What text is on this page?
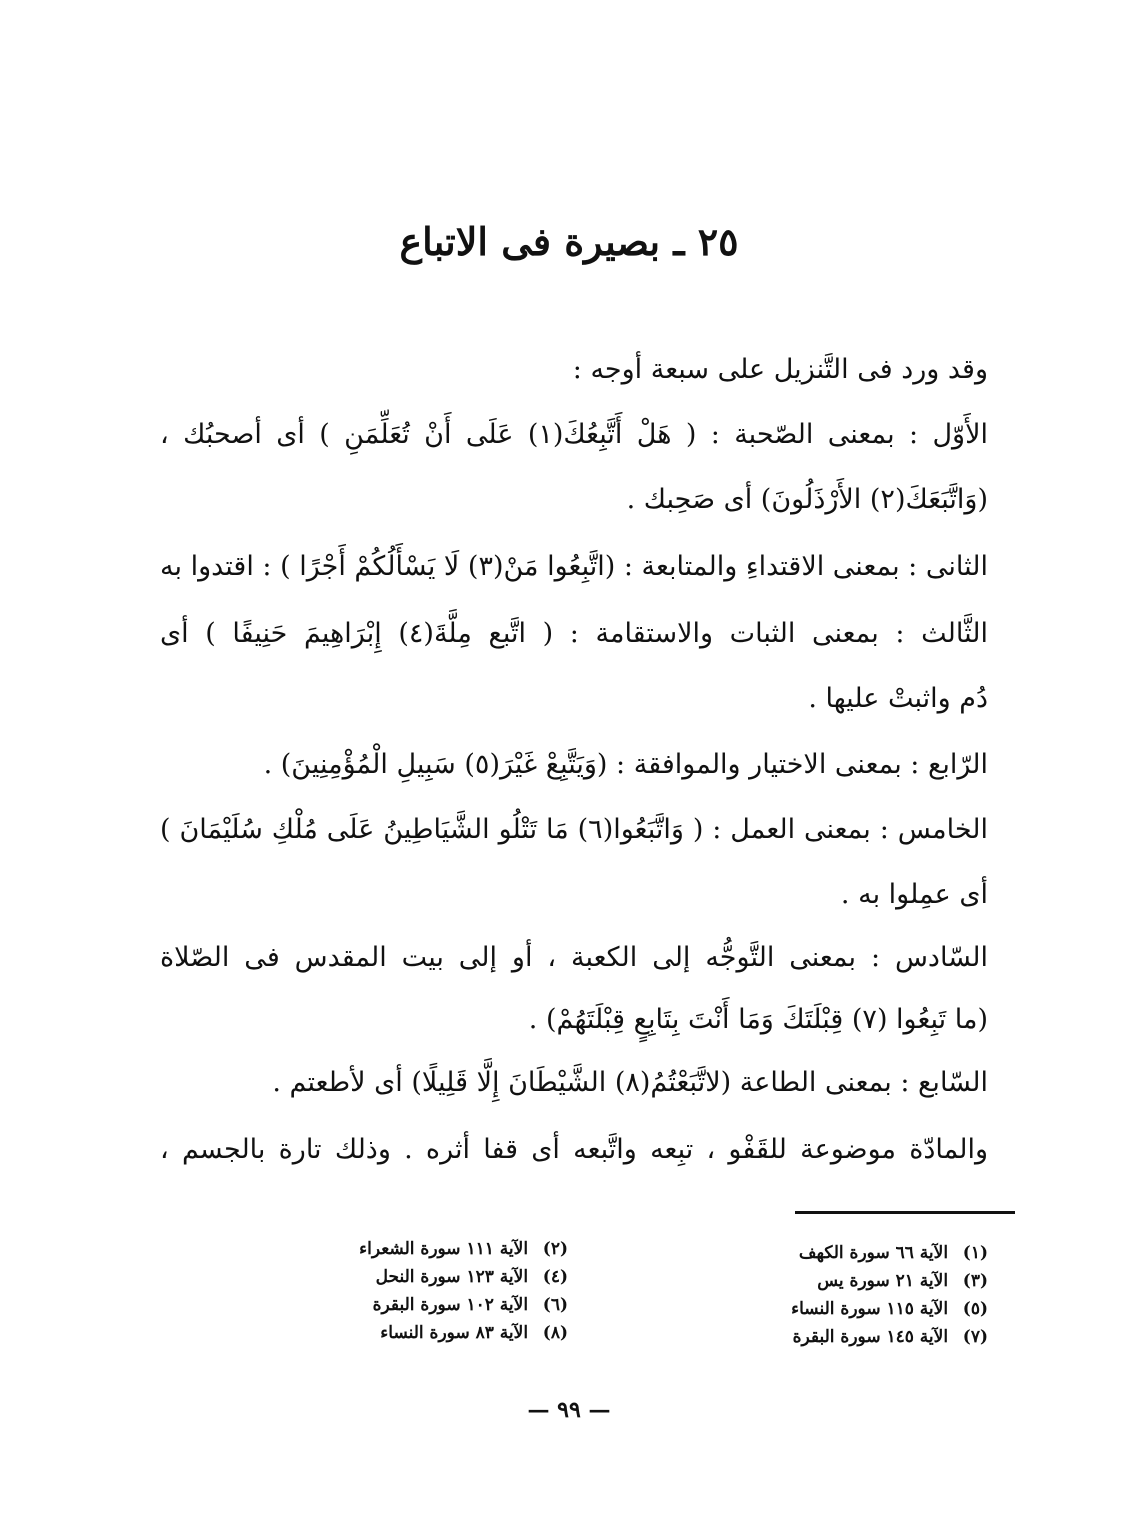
٢٥ ـ بصيرة فى الاتباع
وقد ورد فى التَّنزيل على سبعة أوجه :
الأَوّل : بمعنى الصّحبة : ( هَلْ أَتَّبِعُكَ(١) عَلَى أَنْ تُعَلِّمَنِ ) أى أصحبُك ،
(وَاتَّبَعَكَ(٢) الأَرْذَلُونَ) أى صَحِبك .
الثانى : بمعنى الاقتداءِ والمتابعة : (اتَّبِعُوا مَنْ(٣) لَا يَسْأَلُكُمْ أَجْرًا ) : اقتدوا به
الثَّالث : بمعنى الثبات والاستقامة : ( اتَّبع مِلَّةَ(٤) إِبْرَاهِيمَ حَنِيفًا ) أى
دُم واثبتْ عليها .
الرّابع : بمعنى الاختيار والموافقة : (وَيَتَّبِعْ غَيْرَ(٥) سَبِيلِ الْمُؤْمِنِينَ) .
الخامس : بمعنى العمل : ( وَاتَّبَعُوا(٦) مَا تَتْلُو الشَّيَاطِينُ عَلَى مُلْكِ سُلَيْمَانَ )
أى عمِلوا به .
السّادس : بمعنى التَّوجُّه إلى الكعبة ، أو إلى بيت المقدس فى الصّلاة
(ما تَبِعُوا (٧) قِبْلَتَكَ وَمَا أَنْتَ بِتَابِعٍ قِبْلَتَهُمْ) .
السّابع : بمعنى الطاعة (لاتَّبَعْتُمُ(٨) الشَّيْطَانَ إِلَّا قَلِيلًا) أى لأطعتم .
والمادّة موضوعة للقَفْو ، تبِعه واتَّبعه أى قفا أثره . وذلك تارة بالجسم ،
(١) الآية ٦٦ سورة الكهف
(٣) الآية ٢١ سورة يس
(٥) الآية ١١٥ سورة النساء
(٧) الآية ١٤٥ سورة البقرة
(٢) الآية ١١١ سورة الشعراء
(٤) الآية ١٢٣ سورة النحل
(٦) الآية ١٠٢ سورة البقرة
(٨) الآية ٨٣ سورة النساء
— ٩٩ —
